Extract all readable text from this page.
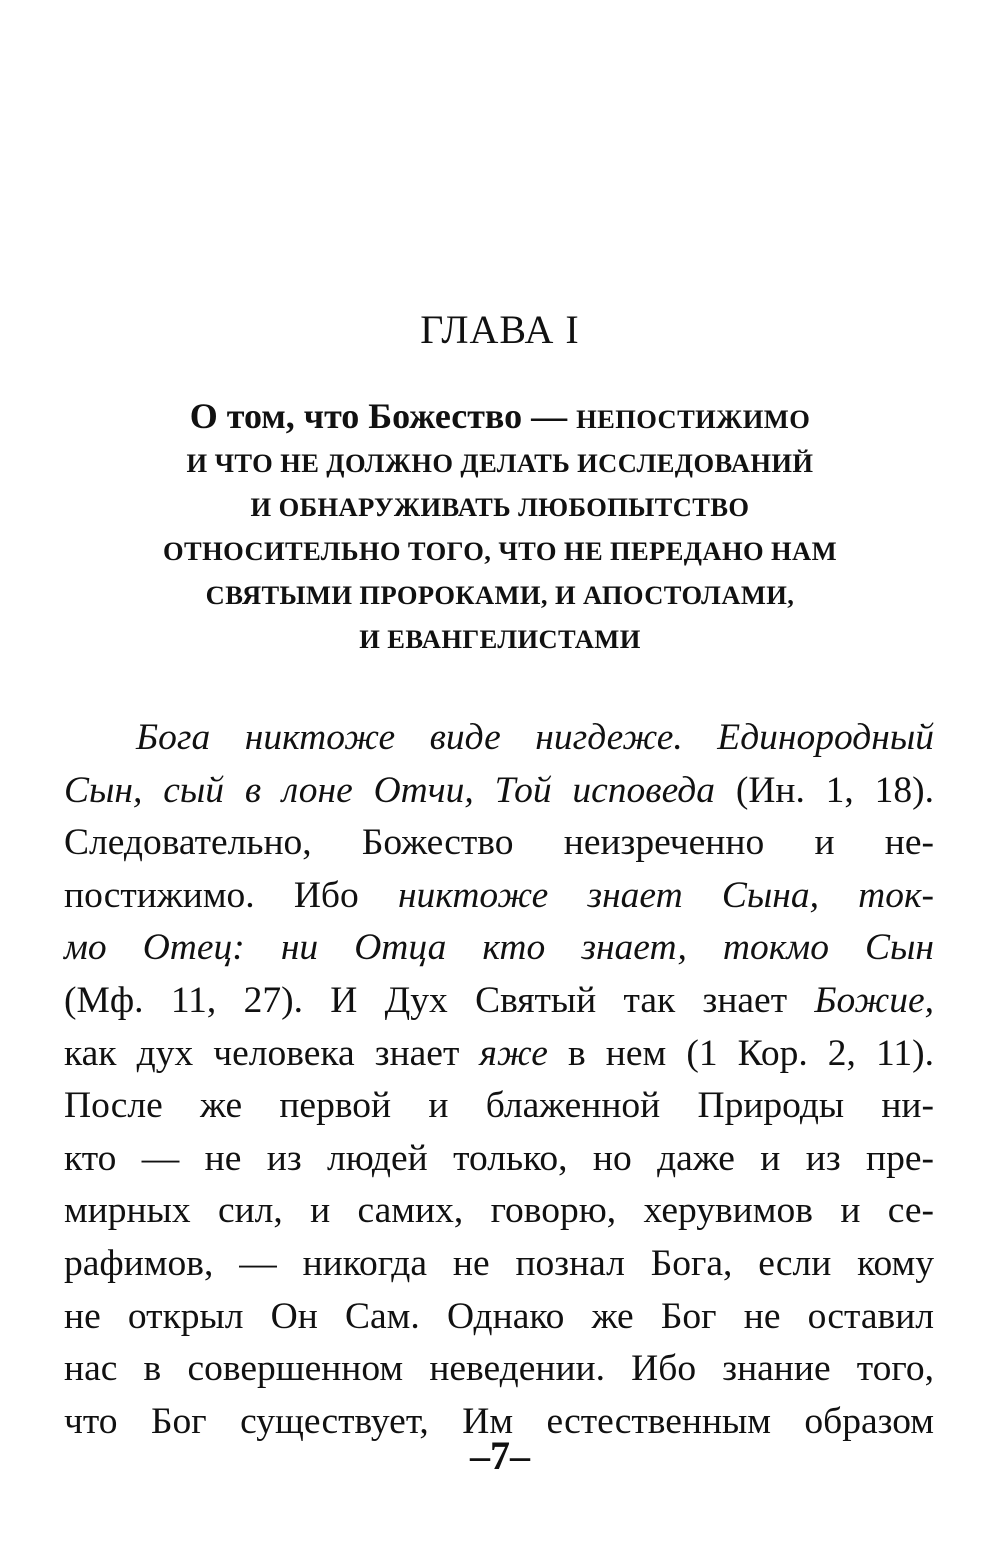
ГЛАВА I
О том, что Божество — НЕПОСТИЖИМО
И ЧТО НЕ ДОЛЖНО ДЕЛАТЬ ИССЛЕДОВАНИЙ
И ОБНАРУЖИВАТЬ ЛЮБОПЫТСТВО
ОТНОСИТЕЛЬНО ТОГО, ЧТО НЕ ПЕРЕДАНО НАМ
СВЯТЫМИ ПРОРОКАМИ, И АПОСТОЛАМИ,
И ЕВАНГЕЛИСТАМИ
Бога никтоже виде нигдеже. Единородный
Сын, сый в лоне Отчи, Той исповеда (Ин. 1, 18).
Следовательно, Божество неизреченно и не-
постижимо. Ибо никтоже знает Сына, ток-
мо Отец: ни Отца кто знает, токмо Сын
(Мф. 11, 27). И Дух Святый так знает Божие,
как дух человека знает яже в нем (1 Кор. 2, 11).
После же первой и блаженной Природы ни-
кто — не из людей только, но даже и из пре-
мирных сил, и самих, говорю, херувимов и се-
рафимов, — никогда не познал Бога, если кому
не открыл Он Сам. Однако же Бог не оставил
нас в совершенном неведении. Ибо знание того,
что Бог существует, Им естественным образом
–7–
